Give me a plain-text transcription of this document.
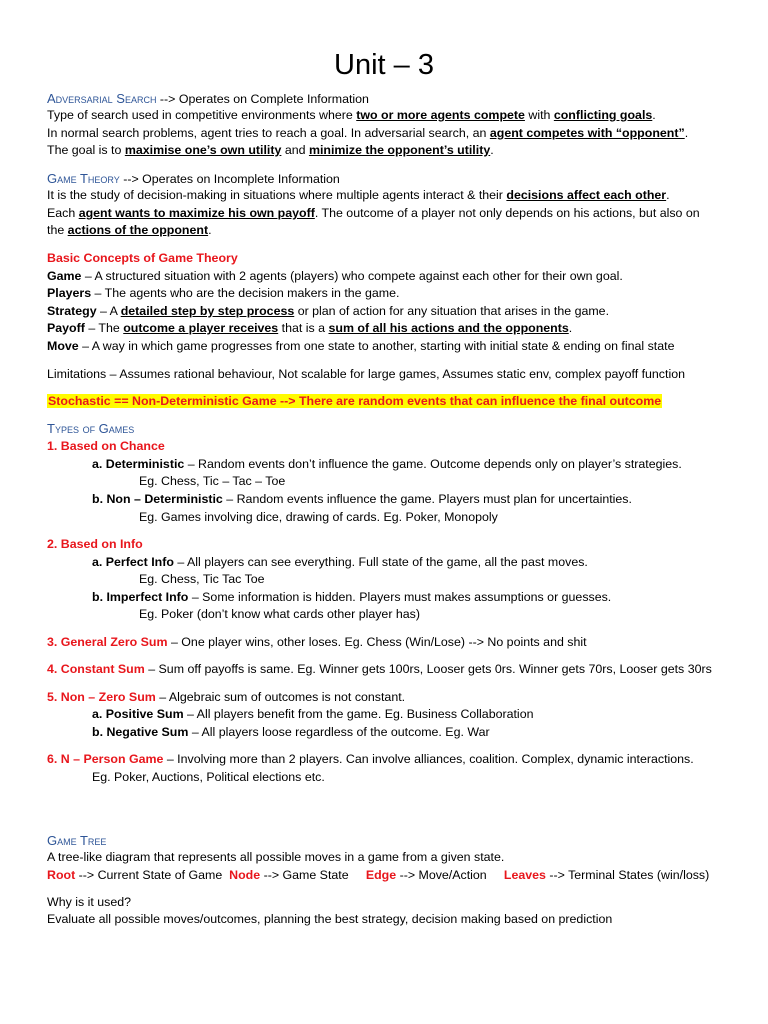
Unit – 3
Adversarial Search --> Operates on Complete Information
Type of search used in competitive environments where two or more agents compete with conflicting goals.
In normal search problems, agent tries to reach a goal. In adversarial search, an agent competes with “opponent”.
The goal is to maximise one’s own utility and minimize the opponent’s utility.
Game Theory --> Operates on Incomplete Information
It is the study of decision-making in situations where multiple agents interact & their decisions affect each other.
Each agent wants to maximize his own payoff. The outcome of a player not only depends on his actions, but also on
the actions of the opponent.
Basic Concepts of Game Theory
Game – A structured situation with 2 agents (players) who compete against each other for their own goal.
Players – The agents who are the decision makers in the game.
Strategy – A detailed step by step process or plan of action for any situation that arises in the game.
Payoff – The outcome a player receives that is a sum of all his actions and the opponents.
Move – A way in which game progresses from one state to another, starting with initial state & ending on final state
Limitations – Assumes rational behaviour, Not scalable for large games, Assumes static env, complex payoff function
Stochastic == Non-Deterministic Game --> There are random events that can influence the final outcome
Types of Games
1. Based on Chance
a. Deterministic – Random events don’t influence the game. Outcome depends only on player’s strategies.
Eg. Chess, Tic – Tac – Toe
b. Non – Deterministic – Random events influence the game. Players must plan for uncertainties.
Eg. Games involving dice, drawing of cards. Eg. Poker, Monopoly
2. Based on Info
a. Perfect Info – All players can see everything. Full state of the game, all the past moves.
Eg. Chess, Tic Tac Toe
b. Imperfect Info – Some information is hidden. Players must makes assumptions or guesses.
Eg. Poker (don’t know what cards other player has)
3. General Zero Sum – One player wins, other loses. Eg. Chess (Win/Lose) --> No points and shit
4. Constant Sum – Sum off payoffs is same. Eg. Winner gets 100rs, Looser gets 0rs. Winner gets 70rs, Looser gets 30rs
5. Non – Zero Sum – Algebraic sum of outcomes is not constant.
a. Positive Sum – All players benefit from the game. Eg. Business Collaboration
b. Negative Sum – All players loose regardless of the outcome. Eg. War
6. N – Person Game – Involving more than 2 players. Can involve alliances, coalition. Complex, dynamic interactions.
Eg. Poker, Auctions, Political elections etc.
Game Tree
A tree-like diagram that represents all possible moves in a game from a given state.
Root --> Current State of Game  Node --> Game State     Edge --> Move/Action     Leaves --> Terminal States (win/loss)
Why is it used?
Evaluate all possible moves/outcomes, planning the best strategy, decision making based on prediction
